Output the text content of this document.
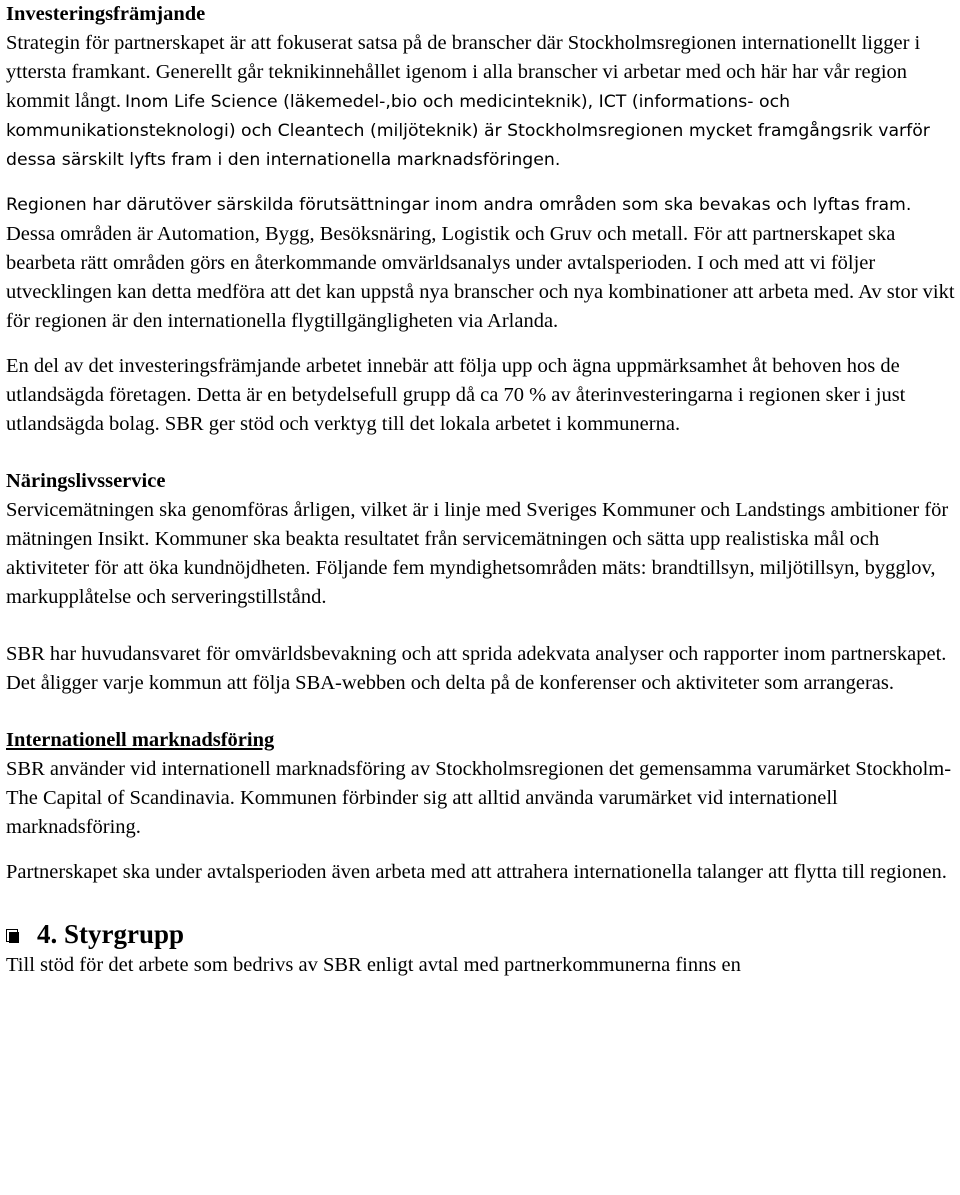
Investeringsfrämjande

Strategin för partnerskapet är att fokuserat satsa på de branscher där Stockholmsregionen internationellt ligger i yttersta framkant. Generellt går teknikinnehållet igenom i alla branscher vi arbetar med och här har vår region kommit långt. Inom Life Science (läkemedel-,bio och medicinteknik), ICT (informations- och kommunikationsteknologi) och Cleantech (miljöteknik) är Stockholmsregionen mycket framgångsrik varför dessa särskilt lyfts fram i den internationella marknadsföringen.

Regionen har därutöver särskilda förutsättningar inom andra områden som ska bevakas och lyftas fram. Dessa områden är Automation, Bygg, Besöksnäring, Logistik och Gruv och metall. För att partnerskapet ska bearbeta rätt områden görs en återkommande omvärldsanalys under avtalsperioden. I och med att vi följer utvecklingen kan detta medföra att det kan uppstå nya branscher och nya kombinationer att arbeta med. Av stor vikt för regionen är den internationella flygtillgängligheten via Arlanda.

En del av det investeringsfrämjande arbetet innebär att följa upp och ägna uppmärksamhet åt behoven hos de utlandsägda företagen. Detta är en betydelsefull grupp då ca 70 % av återinvesteringarna i regionen sker i just utlandsägda bolag. SBR ger stöd och verktyg till det lokala arbetet i kommunerna.

Näringslivsservice

Servicemätningen ska genomföras årligen, vilket är i linje med Sveriges Kommuner och Landstings ambitioner för mätningen Insikt. Kommuner ska beakta resultatet från servicemätningen och sätta upp realistiska mål och aktiviteter för att öka kundnöjdheten. Följande fem myndighetsområden mäts: brandtillsyn, miljötillsyn, bygglov, markupplåtelse och serveringstillstånd.

SBR har huvudansvaret för omvärldsbevakning och att sprida adekvata analyser och rapporter inom partnerskapet. Det åligger varje kommun att följa SBA-webben och delta på de konferenser och aktiviteter som arrangeras.

Internationell marknadsföring

SBR använder vid internationell marknadsföring av Stockholmsregionen det gemensamma varumärket Stockholm- The Capital of Scandinavia. Kommunen förbinder sig att alltid använda varumärket vid internationell marknadsföring.

Partnerskapet ska under avtalsperioden även arbeta med att attrahera internationella talanger att flytta till regionen.

4. Styrgrupp

Till stöd för det arbete som bedrivs av SBR enligt avtal med partnerkommunerna finns en
